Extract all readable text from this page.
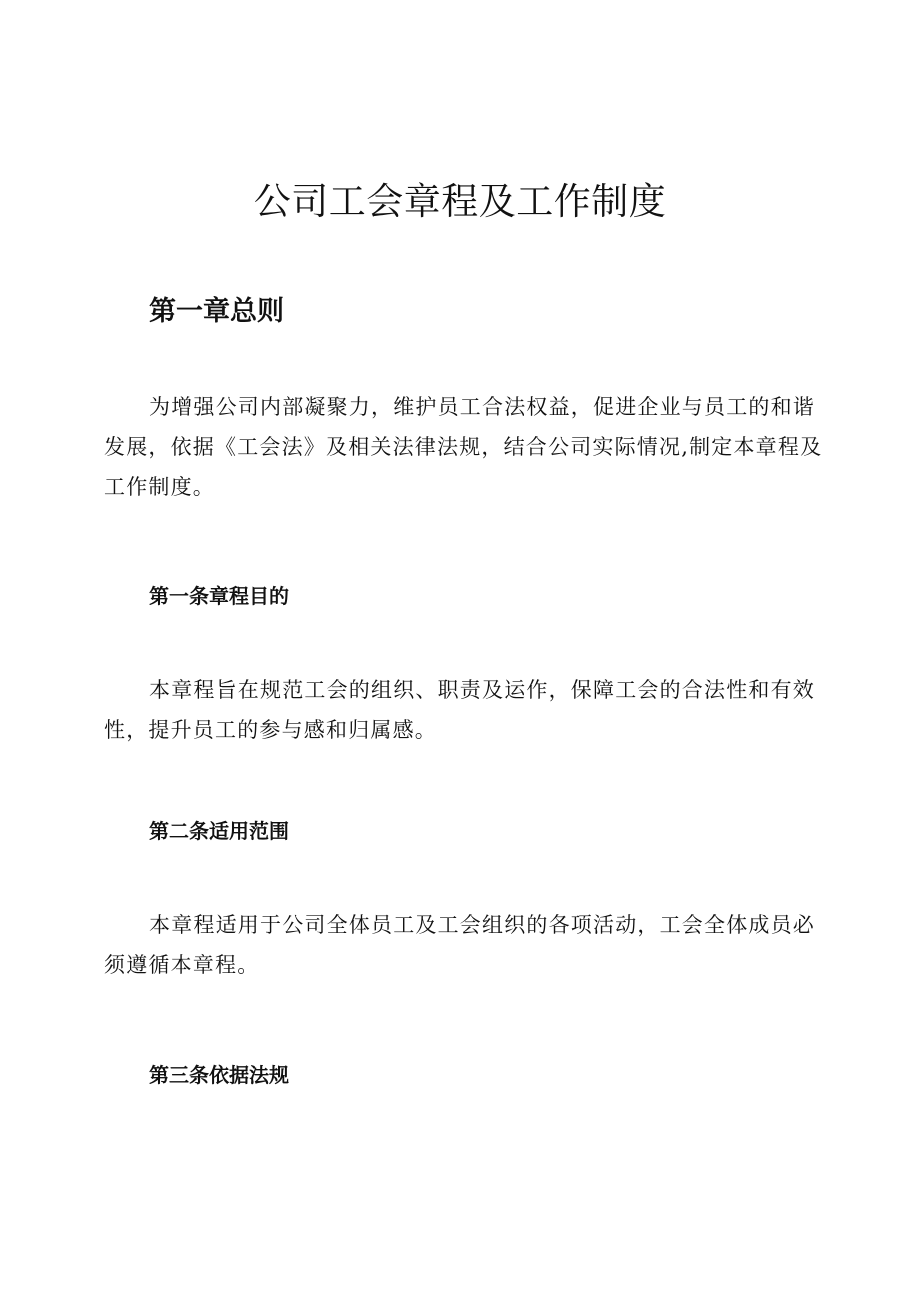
公司工会章程及工作制度
第一章总则

为增强公司内部凝聚力，维护员工合法权益，促进企业与员工的和谐发展，依据《工会法》及相关法律法规，结合公司实际情况,制定本章程及工作制度。

第一条章程目的

本章程旨在规范工会的组织、职责及运作，保障工会的合法性和有效性，提升员工的参与感和归属感。

第二条适用范围

本章程适用于公司全体员工及工会组织的各项活动，工会全体成员必须遵循本章程。

第三条依据法规
